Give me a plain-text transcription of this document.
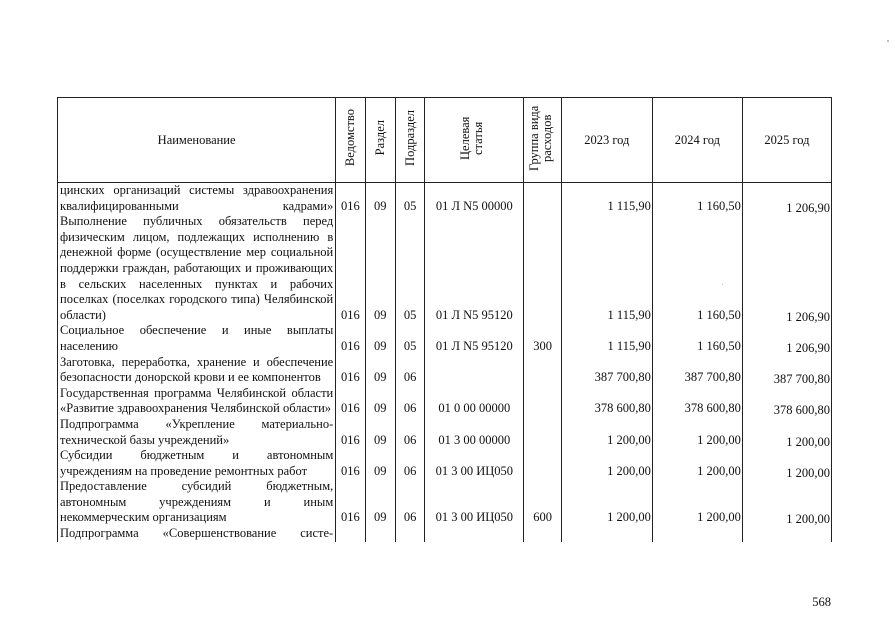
Наименование	Ведомство	Раздел	Подраздел	Целевая статья	Группа вида расходов	2023 год	2024 год	2025 год
цинских организаций системы здравоохранения квалифицированными кадрами»	016	09	05	01 Л N5 00000		1 115,90	1 160,50	1 206,90
Выполнение публичных обязательств перед физическим лицом, подлежащих исполнению в денежной форме (осуществление мер социальной поддержки граждан, работающих и проживающих в сельских населенных пунктах и рабочих поселках (поселках городского типа) Челябинской области)	016	09	05	01 Л N5 95120		1 115,90	1 160,50	1 206,90
Социальное обеспечение и иные выплаты населению	016	09	05	01 Л N5 95120	300	1 115,90	1 160,50	1 206,90
Заготовка, переработка, хранение и обеспечение безопасности донорской крови и ее компонентов	016	09	06			387 700,80	387 700,80	387 700,80
Государственная программа Челябинской области «Развитие здравоохранения Челябинской области»	016	09	06	01 0 00 00000		378 600,80	378 600,80	378 600,80
Подпрограмма «Укрепление материально-технической базы учреждений»	016	09	06	01 3 00 00000		1 200,00	1 200,00	1 200,00
Субсидии бюджетным и автономным учреждениям на проведение ремонтных работ	016	09	06	01 3 00 ИЦ050		1 200,00	1 200,00	1 200,00
Предоставление субсидий бюджетным, автономным учреждениям и иным некоммерческим организациям	016	09	06	01 3 00 ИЦ050	600	1 200,00	1 200,00	1 200,00
Подпрограмма «Совершенствование систе-								
568
